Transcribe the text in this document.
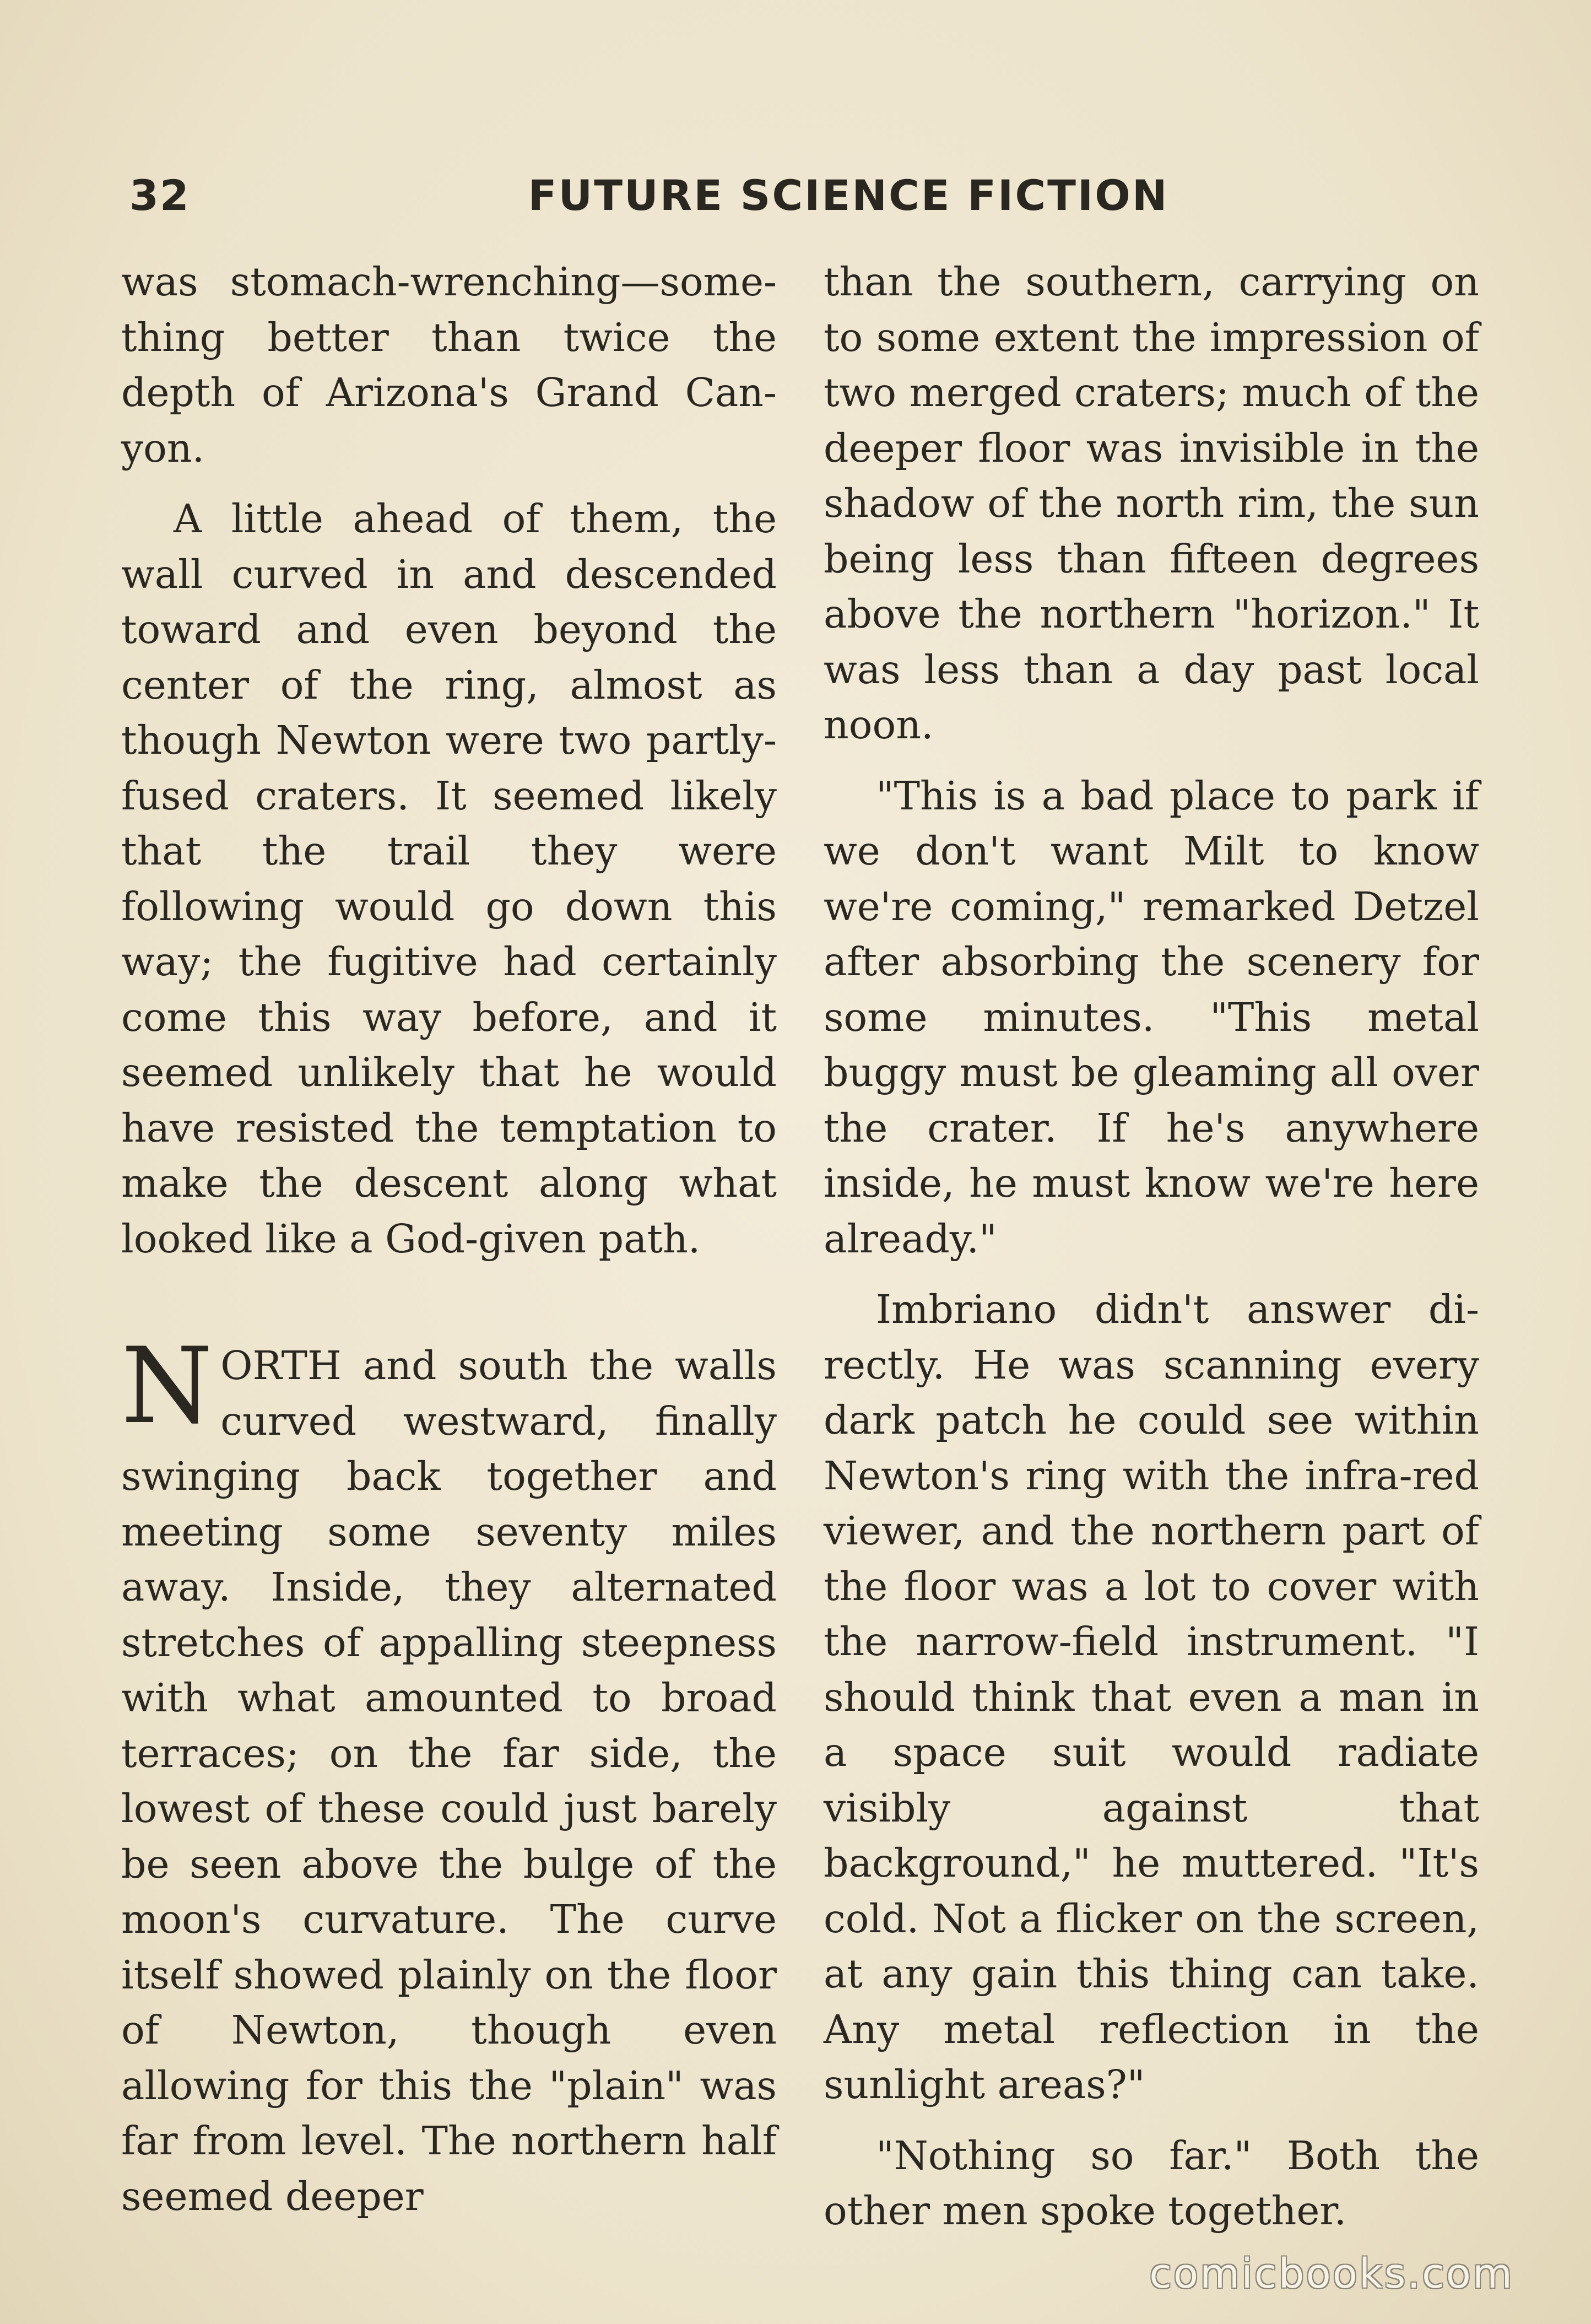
32	FUTURE SCIENCE FICTION

was stomach-wrenching—something better than twice the depth of Arizona's Grand Canyon.

A little ahead of them, the wall curved in and descended toward and even beyond the center of the ring, almost as though Newton were two partly-fused craters. It seemed likely that the trail they were following would go down this way; the fugitive had certainly come this way before, and it seemed unlikely that he would have resisted the temptation to make the descent along what looked like a God-given path.

NORTH and south the walls curved westward, finally swinging back together and meeting some seventy miles away. Inside, they alternated stretches of appalling steepness with what amounted to broad terraces; on the far side, the lowest of these could just barely be seen above the bulge of the moon's curvature. The curve itself showed plainly on the floor of Newton, though even allowing for this the "plain" was far from level. The northern half seemed deeper

than the southern, carrying on to some extent the impression of two merged craters; much of the deeper floor was invisible in the shadow of the north rim, the sun being less than fifteen degrees above the northern "horizon." It was less than a day past local noon.

"This is a bad place to park if we don't want Milt to know we're coming," remarked Detzel after absorbing the scenery for some minutes. "This metal buggy must be gleaming all over the crater. If he's anywhere inside, he must know we're here already."

Imbriano didn't answer directly. He was scanning every dark patch he could see within Newton's ring with the infra-red viewer, and the northern part of the floor was a lot to cover with the narrow-field instrument. "I should think that even a man in a space suit would radiate visibly against that background," he muttered. "It's cold. Not a flicker on the screen, at any gain this thing can take. Any metal reflection in the sunlight areas?"

"Nothing so far." Both the other men spoke together.

comicbooks.com
